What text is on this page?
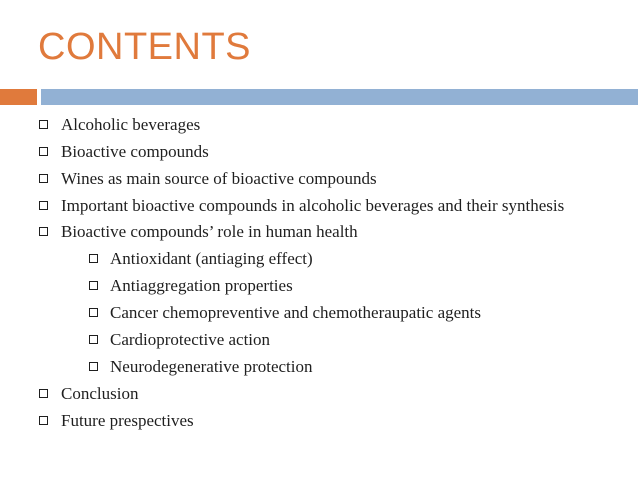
CONTENTS
Alcoholic beverages
Bioactive compounds
Wines as main source of bioactive compounds
Important bioactive compounds in alcoholic beverages and their synthesis
Bioactive compounds’ role in human health
Antioxidant (antiaging effect)
Antiaggregation properties
Cancer chemopreventive and chemotheraupatic agents
Cardioprotective action
Neurodegenerative protection
Conclusion
Future prespectives
